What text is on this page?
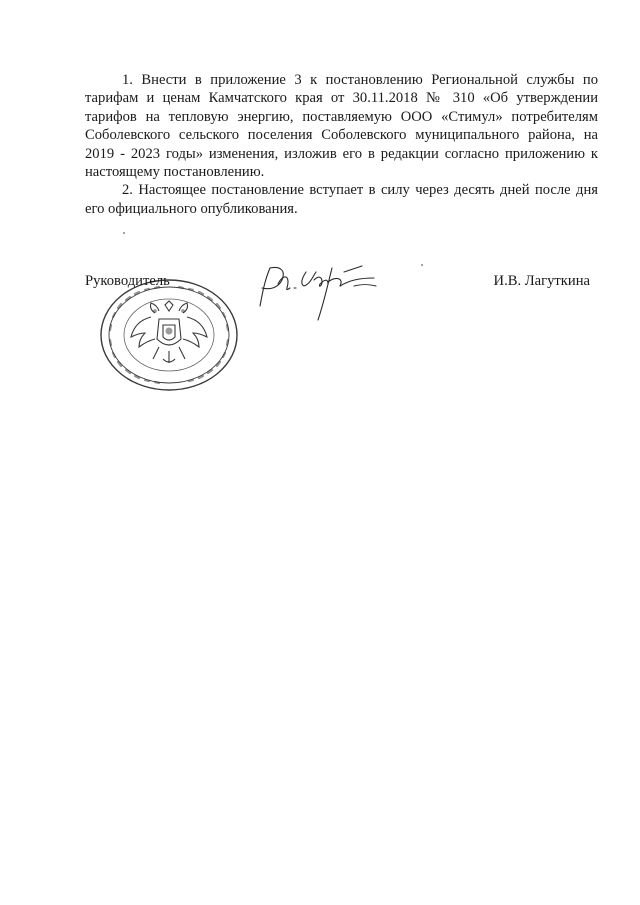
1. Внести в приложение 3 к постановлению Региональной службы по тарифам и ценам Камчатского края от 30.11.2018 № 310 «Об утверждении тарифов на тепловую энергию, поставляемую ООО «Стимул» потребителям Соболевского сельского поселения Соболевского муниципального района, на 2019 - 2023 годы» изменения, изложив его в редакции согласно приложению к настоящему постановлению.

2. Настоящее постановление вступает в силу через десять дней после дня его официального опубликования.

Руководитель	И.В. Лагуткина
